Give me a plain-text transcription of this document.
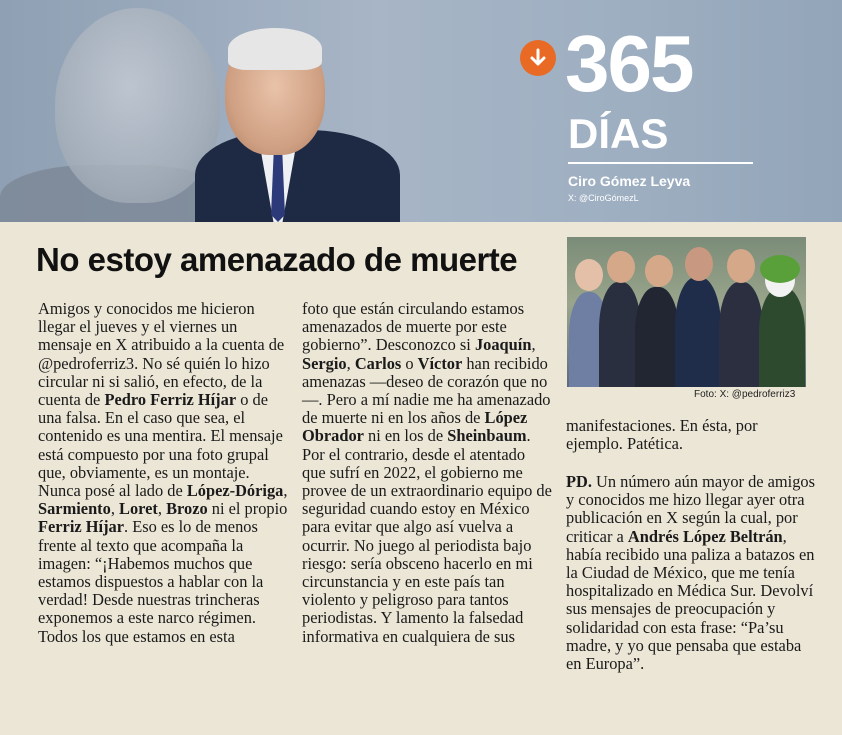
365
DÍAS
Ciro Gómez Leyva
X: @CiroGómezL
No estoy amenazado de muerte

Amigos y conocidos me hicieron llegar el jueves y el viernes un mensaje en X atribuido a la cuenta de @pedroferriz3. No sé quién lo hizo circular ni si salió, en efecto, de la cuenta de Pedro Ferriz Híjar o de una falsa. En el caso que sea, el contenido es una mentira. El mensaje está compuesto por una foto grupal que, obviamente, es un montaje. Nunca posé al lado de López-Dóriga, Sarmiento, Loret, Brozo ni el propio Ferriz Híjar. Eso es lo de menos frente al texto que acompaña la imagen: “¡Habemos muchos que estamos dispuestos a hablar con la verdad! Desde nuestras trincheras exponemos a este narco régimen. Todos los que estamos en esta

foto que están circulando estamos amenazados de muerte por este gobierno”. Desconozco si Joaquín, Sergio, Carlos o Víctor han recibido amenazas —deseo de corazón que no—. Pero a mí nadie me ha amenazado de muerte ni en los años de López Obrador ni en los de Sheinbaum. Por el contrario, desde el atentado que sufrí en 2022, el gobierno me provee de un extraordinario equipo de seguridad cuando estoy en México para evitar que algo así vuelva a ocurrir. No juego al periodista bajo riesgo: sería obsceno hacerlo en mi circunstancia y en este país tan violento y peligroso para tantos periodistas. Y lamento la falsedad informativa en cualquiera de sus

Foto: X: @pedroferriz3

manifestaciones. En ésta, por ejemplo. Patética.

PD. Un número aún mayor de amigos y conocidos me hizo llegar ayer otra publicación en X según la cual, por criticar a Andrés López Beltrán, había recibido una paliza a batazos en la Ciudad de México, que me tenía hospitalizado en Médica Sur. Devolví sus mensajes de preocupación y solidaridad con esta frase: “Pa’su madre, y yo que pensaba que estaba en Europa”.
